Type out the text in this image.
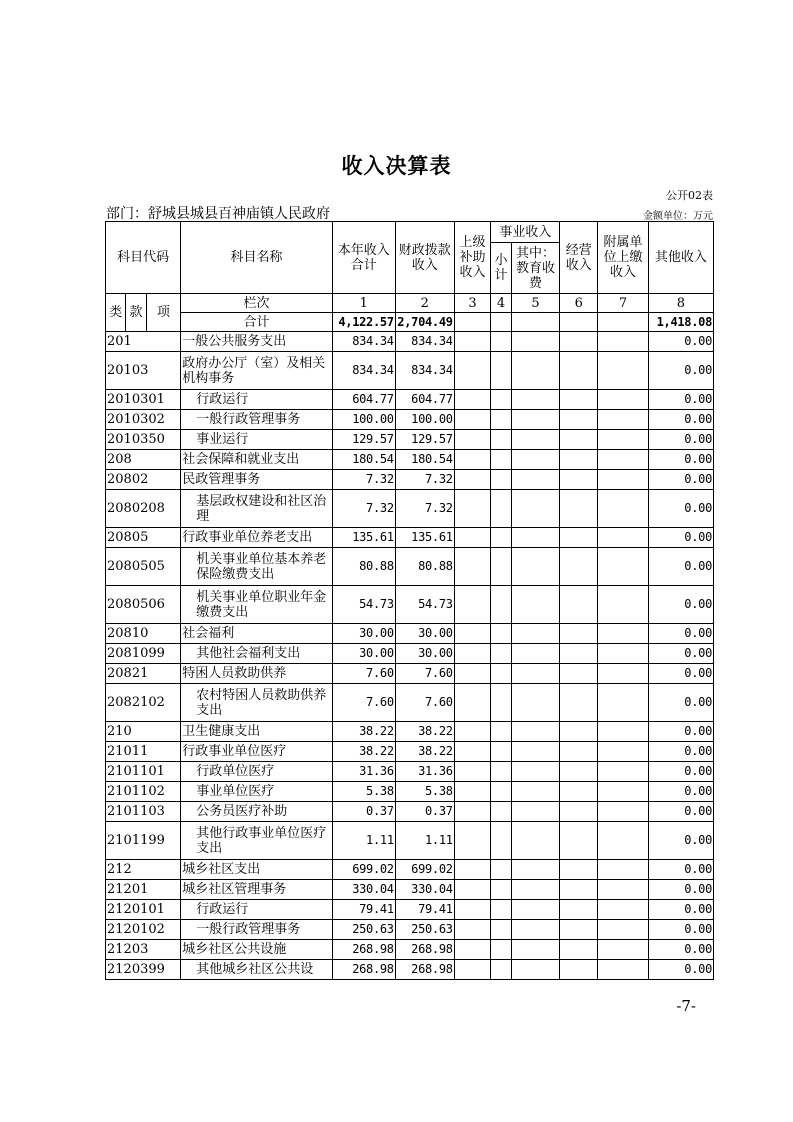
收入决算表
公开02表
部门：舒城县城县百神庙镇人民政府	金额单位：万元
科目代码			科目名称	本年收入合计	财政拨款收入	上级补助收入	事业收入		经营收入	附属单位上缴收入	其他收入
							小计	其中：教育收费			
类	款	项	栏次	1	2	3	4	5	6	7	8
			合计	4,122.57	2,704.49						1,418.08
201			一般公共服务支出	834.34	834.34						0.00
20103			政府办公厅（室）及相关机构事务	834.34	834.34						0.00
2010301			行政运行	604.77	604.77						0.00
2010302			一般行政管理事务	100.00	100.00						0.00
2010350			事业运行	129.57	129.57						0.00
208			社会保障和就业支出	180.54	180.54						0.00
20802			民政管理事务	7.32	7.32						0.00
2080208			基层政权建设和社区治理	7.32	7.32						0.00
20805			行政事业单位养老支出	135.61	135.61						0.00
2080505			机关事业单位基本养老保险缴费支出	80.88	80.88						0.00
2080506			机关事业单位职业年金缴费支出	54.73	54.73						0.00
20810			社会福利	30.00	30.00						0.00
2081099			其他社会福利支出	30.00	30.00						0.00
20821			特困人员救助供养	7.60	7.60						0.00
2082102			农村特困人员救助供养支出	7.60	7.60						0.00
210			卫生健康支出	38.22	38.22						0.00
21011			行政事业单位医疗	38.22	38.22						0.00
2101101			行政单位医疗	31.36	31.36						0.00
2101102			事业单位医疗	5.38	5.38						0.00
2101103			公务员医疗补助	0.37	0.37						0.00
2101199			其他行政事业单位医疗支出	1.11	1.11						0.00
212			城乡社区支出	699.02	699.02						0.00
21201			城乡社区管理事务	330.04	330.04						0.00
2120101			行政运行	79.41	79.41						0.00
2120102			一般行政管理事务	250.63	250.63						0.00
21203			城乡社区公共设施	268.98	268.98						0.00
2120399			其他城乡社区公共设	268.98	268.98						0.00
-7-
